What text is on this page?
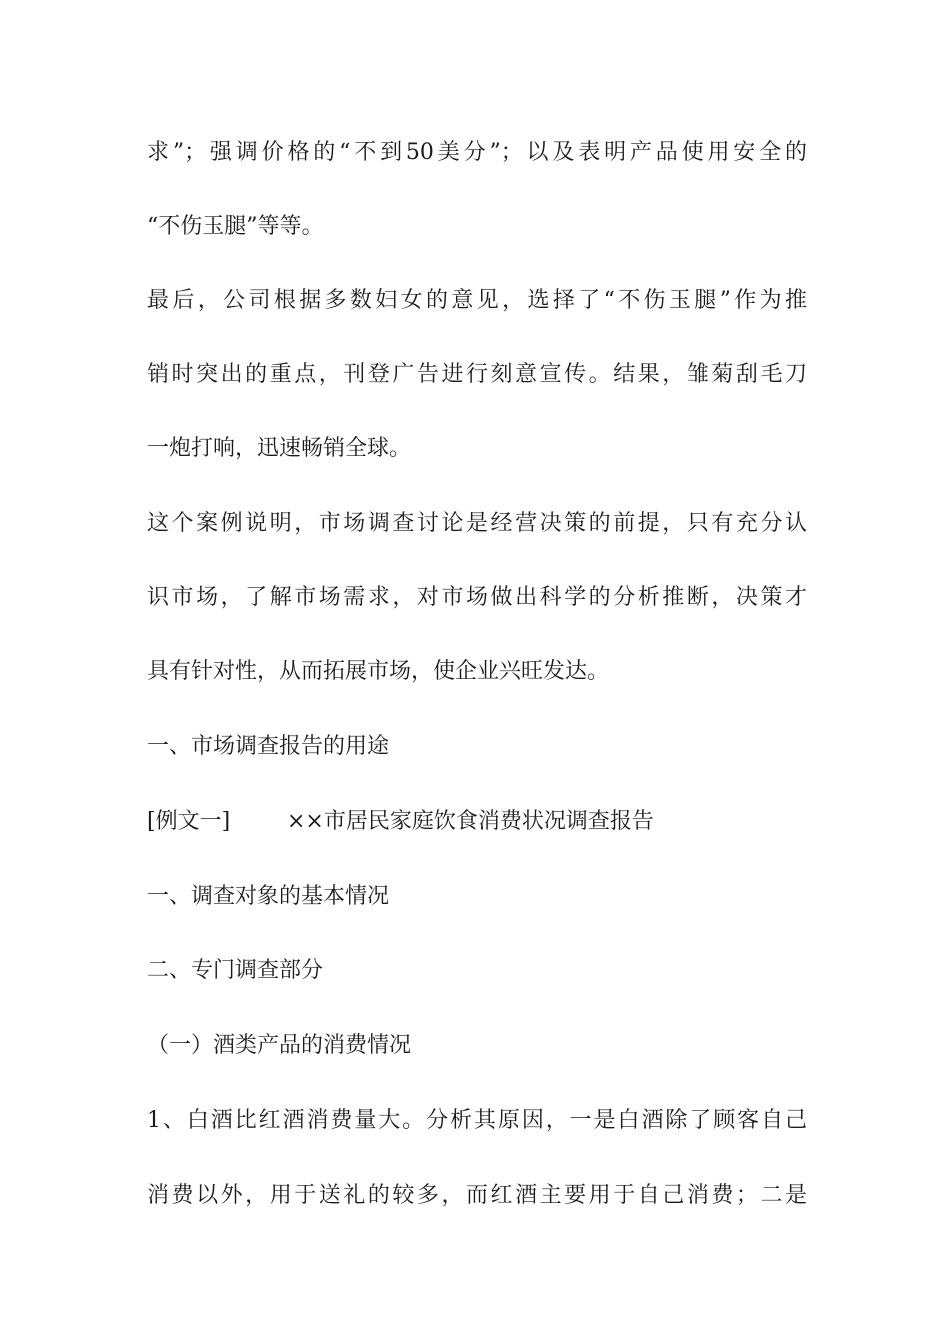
求”；强调价格的“不到50美分”；以及表明产品使用安全的
“不伤玉腿”等等。
最后，公司根据多数妇女的意见，选择了“不伤玉腿”作为推
销时突出的重点，刊登广告进行刻意宣传。结果，雏菊刮毛刀
一炮打响，迅速畅销全球。
这个案例说明，市场调查讨论是经营决策的前提，只有充分认
识市场，了解市场需求，对市场做出科学的分析推断，决策才
具有针对性，从而拓展市场，使企业兴旺发达。
一、市场调查报告的用途
[例文一]	××市居民家庭饮食消费状况调查报告
一、调查对象的基本情况
二、专门调查部分
（一）酒类产品的消费情况
1、白酒比红酒消费量大。分析其原因，一是白酒除了顾客自己
消费以外，用于送礼的较多，而红酒主要用于自己消费；二是
